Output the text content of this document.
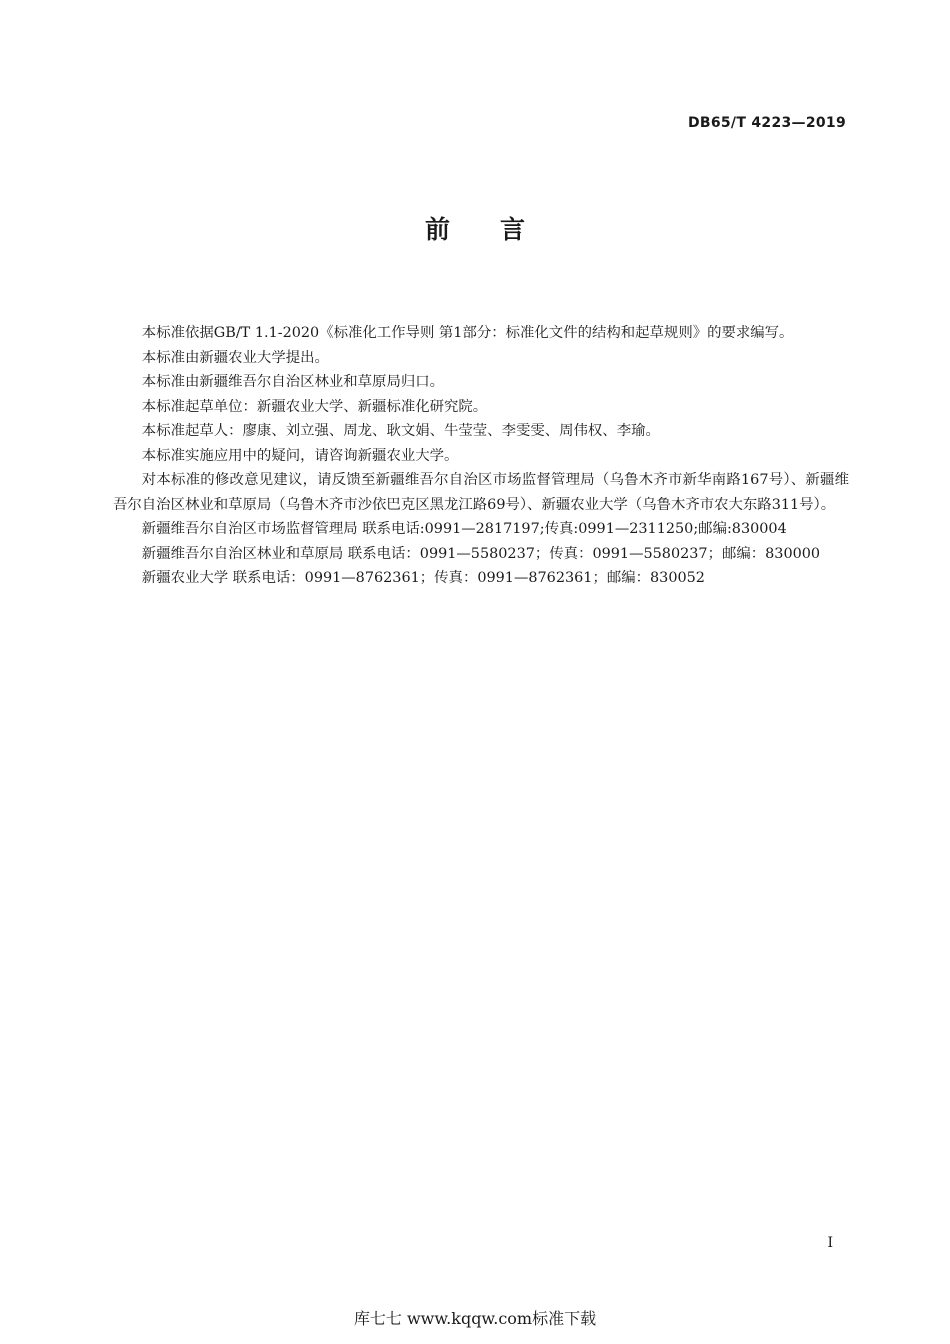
DB65/T 4223—2019
前言

本标准依据GB/T 1.1-2020《标准化工作导则 第1部分：标准化文件的结构和起草规则》的要求编写。

本标准由新疆农业大学提出。

本标准由新疆维吾尔自治区林业和草原局归口。

本标准起草单位：新疆农业大学、新疆标准化研究院。

本标准起草人：廖康、刘立强、周龙、耿文娟、牛莹莹、李雯雯、周伟权、李瑜。

本标准实施应用中的疑问，请咨询新疆农业大学。

对本标准的修改意见建议，请反馈至新疆维吾尔自治区市场监督管理局（乌鲁木齐市新华南路167号）、新疆维吾尔自治区林业和草原局（乌鲁木齐市沙依巴克区黑龙江路69号）、新疆农业大学（乌鲁木齐市农大东路311号）。

新疆维吾尔自治区市场监督管理局 联系电话:0991—2817197;传真:0991—2311250;邮编:830004

新疆维吾尔自治区林业和草原局 联系电话：0991—5580237；传真：0991—5580237；邮编：830000

新疆农业大学 联系电话：0991—8762361；传真：0991—8762361；邮编：830052

I
库七七 www.kqqw.com标准下载
